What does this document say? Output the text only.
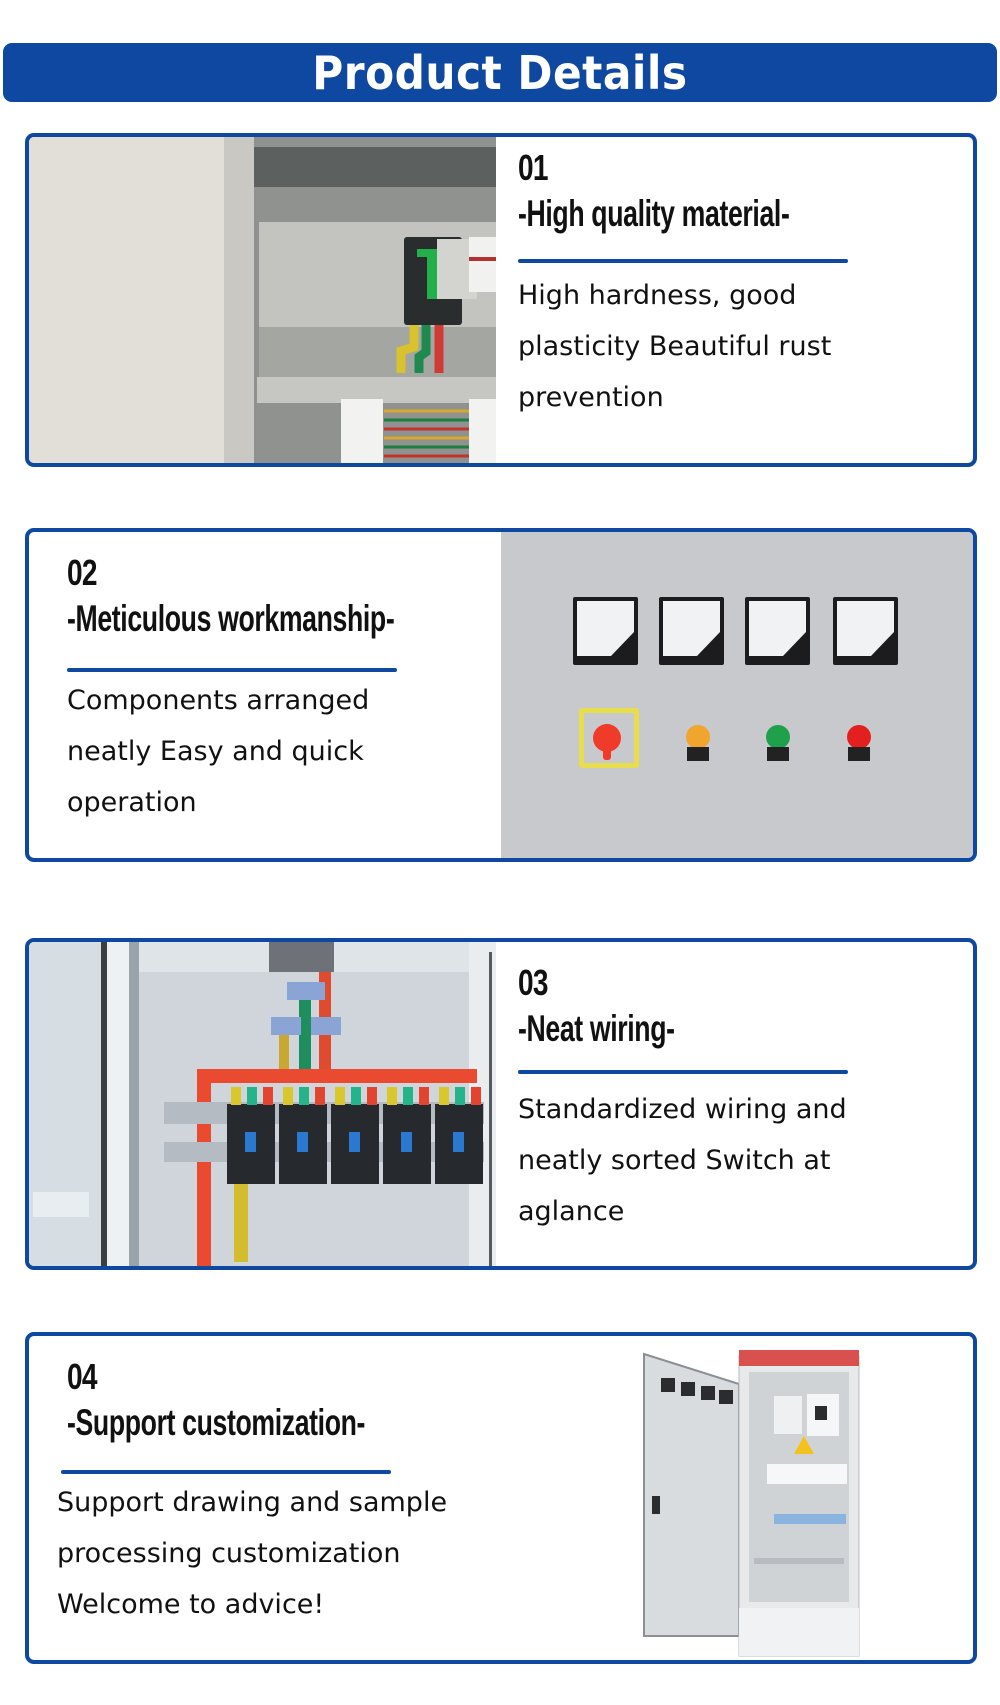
Product Details
01
-High quality material-
High hardness, good
plasticity Beautiful rust
prevention
02
-Meticulous workmanship-
Components arranged
neatly Easy and quick
operation
03
-Neat wiring-
Standardized wiring and
neatly sorted Switch at
aglance
04
-Support customization-
Support drawing and sample
processing customization
Welcome to advice!
